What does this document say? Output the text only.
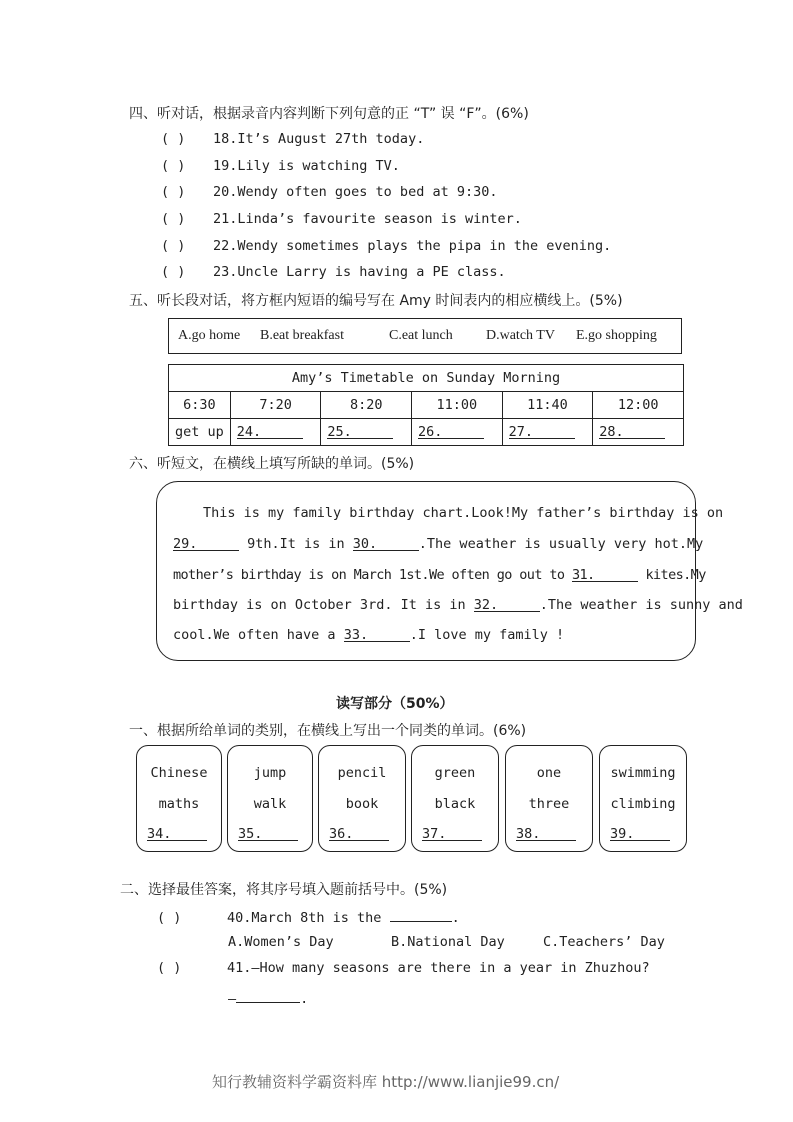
四、听对话，根据录音内容判断下列句意的正 “T” 误 “F”。(6%)
( ) 18.It’s August 27th today.
( ) 19.Lily is watching TV.
( ) 20.Wendy often goes to bed at 9:30.
( ) 21.Linda’s favourite season is winter.
( ) 22.Wendy sometimes plays the pipa in the evening.
( ) 23.Uncle Larry is having a PE class.
五、听长段对话，将方框内短语的编号写在 Amy 时间表内的相应横线上。(5%)
A.go home B.eat breakfast	C.eat lunch D.watch TV E.go shopping
Amy’s Timetable on Sunday Morning					
6:30	7:20	8:20	11:00	11:40	12:00
get up	24.	25.	26.	27.	28.
六、听短文，在横线上填写所缺的单词。(5%)
This is my family birthday chart.Look!My father’s birthday is on
29.	9th.It is in 30.	.The weather is usually very hot.My
mother’s birthday is on March 1st.We often go out to 31.	kites.My
birthday is on October 3rd. It is in 32.	.The weather is sunny and
cool.We often have a 33.	.I love my family !
读写部分（50%）
一、根据所给单词的类别，在横线上写出一个同类的单词。(6%)
Chinese
maths
34.
jump
walk
35.
pencil
book
36.
green
black
37.
one
three
38.
swimming
climbing
39.
二、选择最佳答案，将其序号填入题前括号中。(5%)
( )	40.March 8th is the	.
A.Women’s Day	B.National Day	C.Teachers’ Day
( )	41.—How many seasons are there in a year in Zhuzhou?
—	.
知行教辅资料学霸资料库 http://www.lianjie99.cn/
